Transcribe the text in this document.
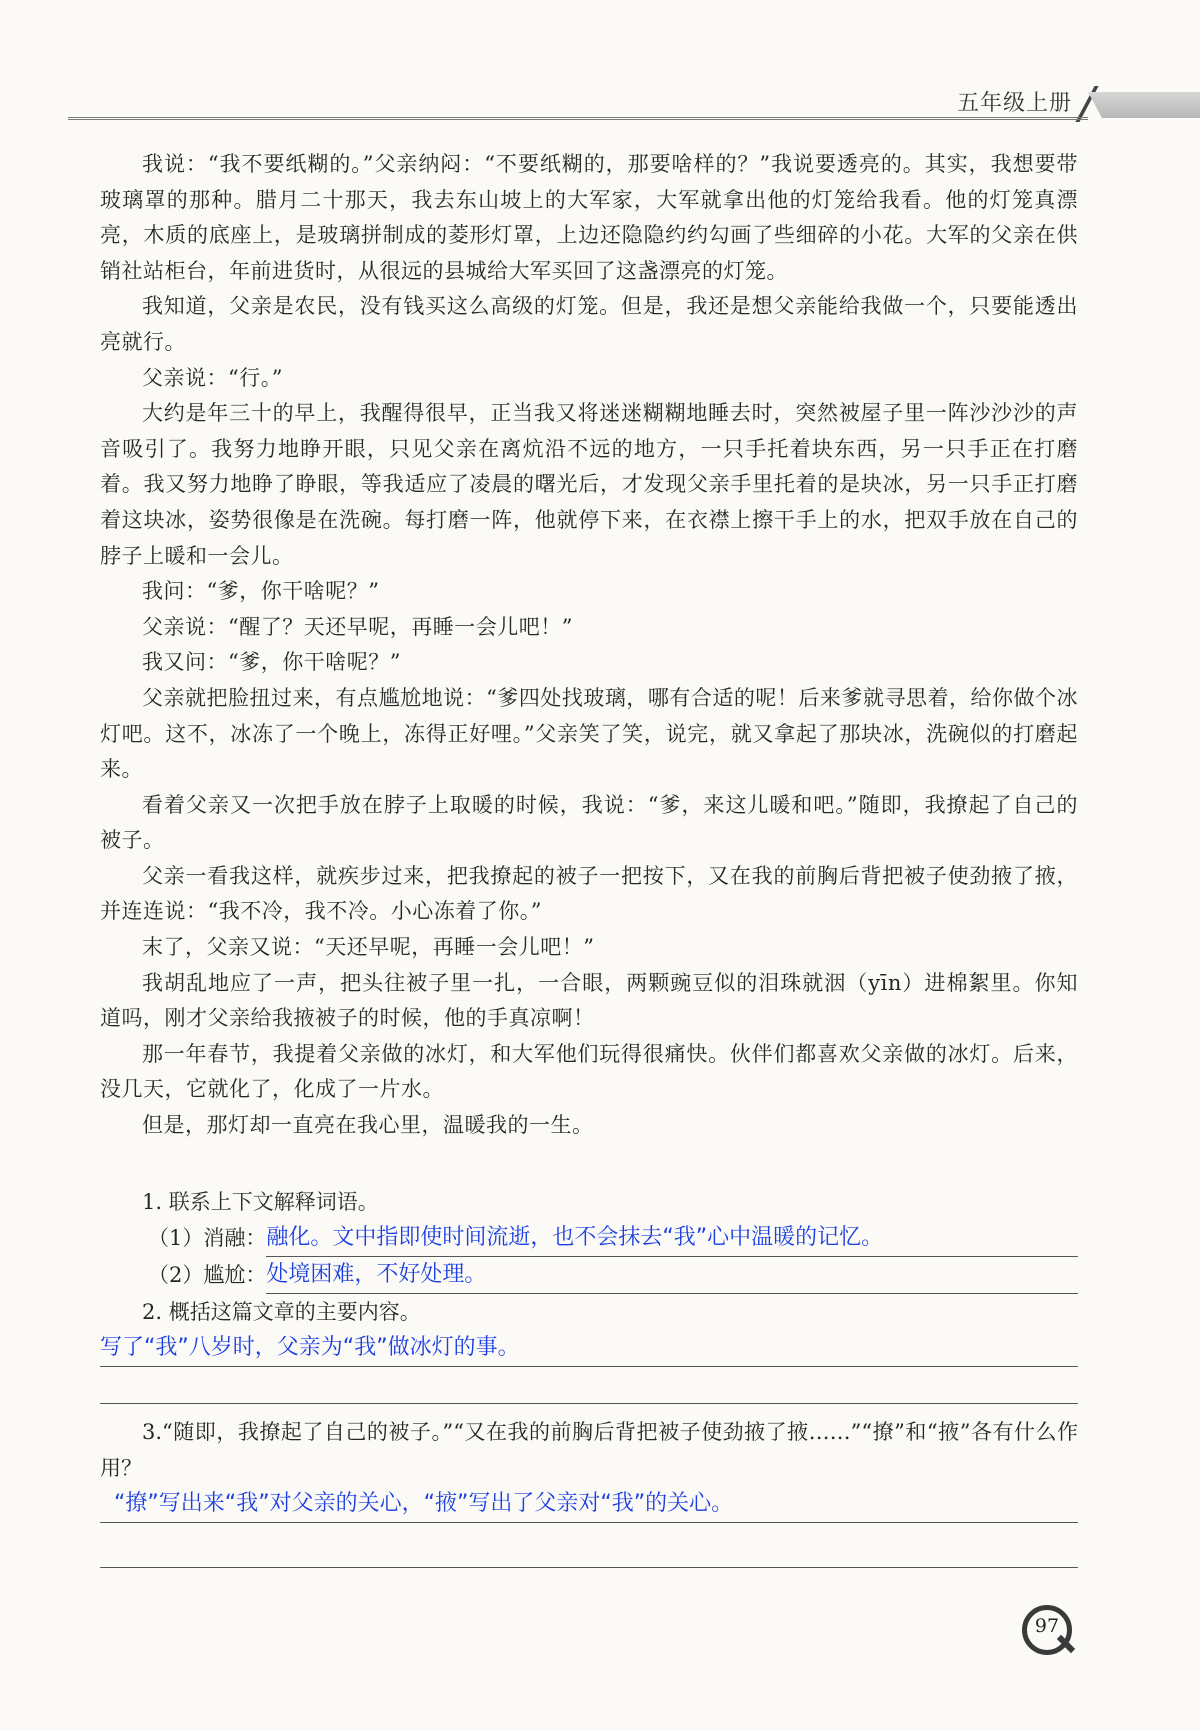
五年级上册

我说：“我不要纸糊的。”父亲纳闷：“不要纸糊的，那要啥样的？”我说要透亮的。其实，我想要带玻璃罩的那种。腊月二十那天，我去东山坡上的大军家，大军就拿出他的灯笼给我看。他的灯笼真漂亮，木质的底座上，是玻璃拼制成的菱形灯罩，上边还隐隐约约勾画了些细碎的小花。大军的父亲在供销社站柜台，年前进货时，从很远的县城给大军买回了这盏漂亮的灯笼。

我知道，父亲是农民，没有钱买这么高级的灯笼。但是，我还是想父亲能给我做一个，只要能透出亮就行。

父亲说：“行。”

大约是年三十的早上，我醒得很早，正当我又将迷迷糊糊地睡去时，突然被屋子里一阵沙沙沙的声音吸引了。我努力地睁开眼，只见父亲在离炕沿不远的地方，一只手托着块东西，另一只手正在打磨着。我又努力地睁了睁眼，等我适应了凌晨的曙光后，才发现父亲手里托着的是块冰，另一只手正打磨着这块冰，姿势很像是在洗碗。每打磨一阵，他就停下来，在衣襟上擦干手上的水，把双手放在自己的脖子上暖和一会儿。

我问：“爹，你干啥呢？”

父亲说：“醒了？天还早呢，再睡一会儿吧！”

我又问：“爹，你干啥呢？”

父亲就把脸扭过来，有点尴尬地说：“爹四处找玻璃，哪有合适的呢！后来爹就寻思着，给你做个冰灯吧。这不，冰冻了一个晚上，冻得正好哩。”父亲笑了笑，说完，就又拿起了那块冰，洗碗似的打磨起来。

看着父亲又一次把手放在脖子上取暖的时候，我说：“爹，来这儿暖和吧。”随即，我撩起了自己的被子。

父亲一看我这样，就疾步过来，把我撩起的被子一把按下，又在我的前胸后背把被子使劲掖了掖，并连连说：“我不冷，我不冷。小心冻着了你。”

末了，父亲又说：“天还早呢，再睡一会儿吧！”

我胡乱地应了一声，把头往被子里一扎，一合眼，两颗豌豆似的泪珠就洇（yīn）进棉絮里。你知道吗，刚才父亲给我掖被子的时候，他的手真凉啊！

那一年春节，我提着父亲做的冰灯，和大军他们玩得很痛快。伙伴们都喜欢父亲做的冰灯。后来，没几天，它就化了，化成了一片水。

但是，那灯却一直亮在我心里，温暖我的一生。

1. 联系上下文解释词语。

（1）消融： 融化。文中指即使时间流逝，也不会抹去“我”心中温暖的记忆。
（2）尴尬： 处境困难，不好处理。

2. 概括这篇文章的主要内容。

写了“我”八岁时，父亲为“我”做冰灯的事。

3.“随即，我撩起了自己的被子。”“又在我的前胸后背把被子使劲掖了掖……”“撩”和“掖”各有什么作用？

“撩”写出来“我”对父亲的关心，“掖”写出了父亲对“我”的关心。
97
